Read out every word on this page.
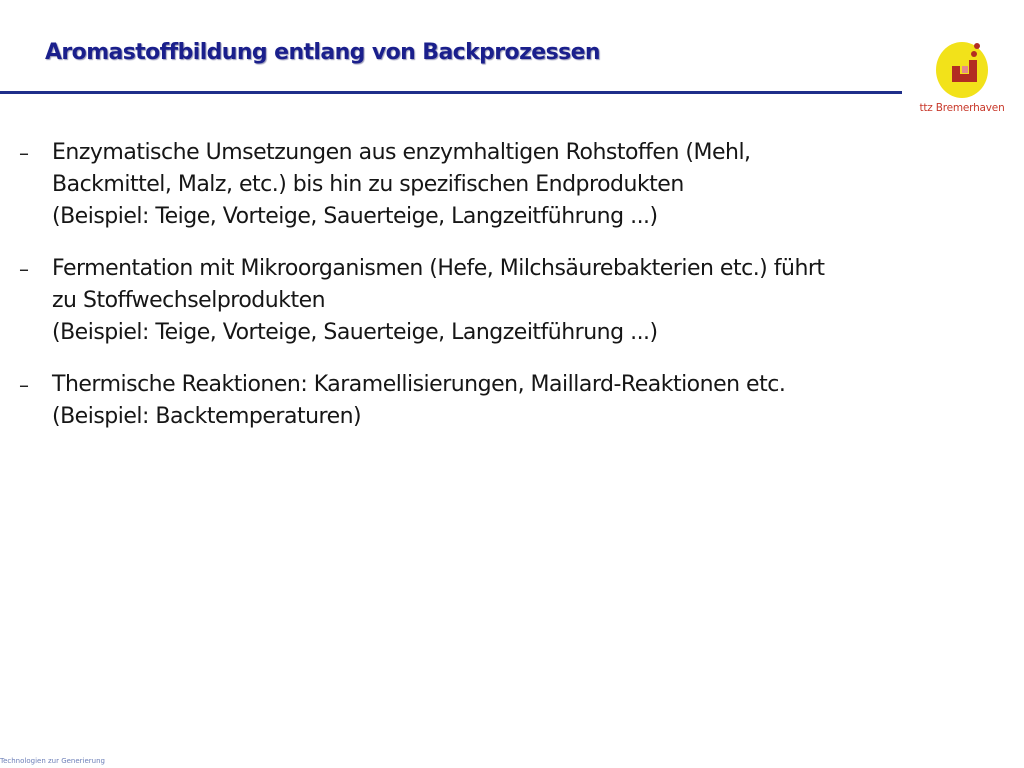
Aromastoffbildung entlang von Backprozessen
ttz Bremerhaven
–	Enzymatische Umsetzungen aus enzymhaltigen Rohstoffen (Mehl,
Backmittel, Malz, etc.) bis hin zu spezifischen Endprodukten
(Beispiel: Teige, Vorteige, Sauerteige, Langzeitführung ...)
–	Fermentation mit Mikroorganismen (Hefe, Milchsäurebakterien etc.) führt
zu Stoffwechselprodukten
(Beispiel: Teige, Vorteige, Sauerteige, Langzeitführung ...)
–	Thermische Reaktionen: Karamellisierungen, Maillard-Reaktionen etc.
(Beispiel: Backtemperaturen)
Technologien zur Generierung
